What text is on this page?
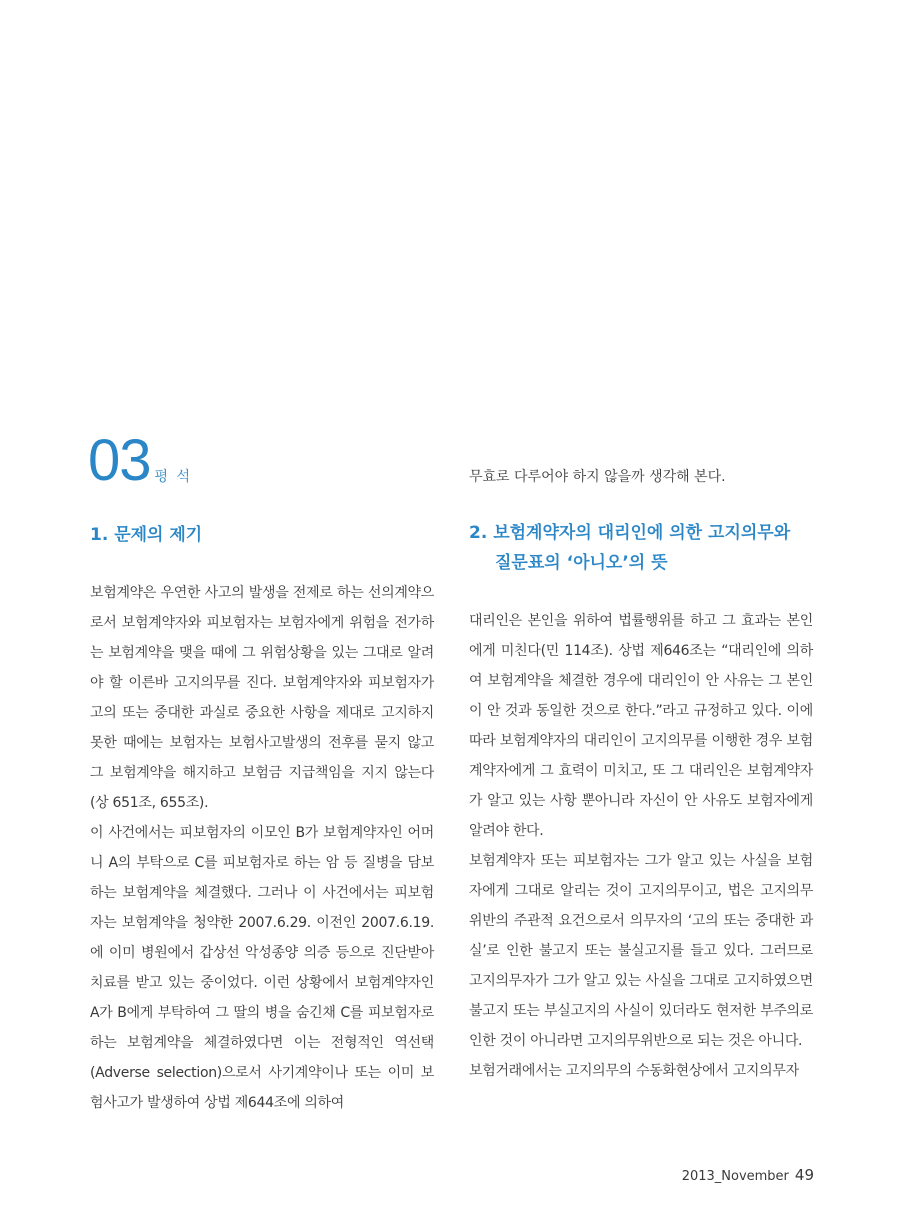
03 평 석
1. 문제의 제기

보험계약은 우연한 사고의 발생을 전제로 하는 선의계약으로서 보험계약자와 피보험자는 보험자에게 위험을 전가하는 보험계약을 맺을 때에 그 위험상황을 있는 그대로 알려야 할 이른바 고지의무를 진다. 보험계약자와 피보험자가 고의 또는 중대한 과실로 중요한 사항을 제대로 고지하지 못한 때에는 보험자는 보험사고발생의 전후를 묻지 않고 그 보험계약을 해지하고 보험금 지급책임을 지지 않는다(상 651조, 655조).

이 사건에서는 피보험자의 이모인 B가 보험계약자인 어머니 A의 부탁으로 C를 피보험자로 하는 암 등 질병을 담보하는 보험계약을 체결했다. 그러나 이 사건에서는 피보험자는 보험계약을 청약한 2007.6.29. 이전인 2007.6.19.에 이미 병원에서 갑상선 악성종양 의증 등으로 진단받아 치료를 받고 있는 중이었다. 이런 상황에서 보험계약자인 A가 B에게 부탁하여 그 딸의 병을 숨긴채 C를 피보험자로 하는 보험계약을 체결하였다면 이는 전형적인 역선택(Adverse selection)으로서 사기계약이나 또는 이미 보험사고가 발생하여 상법 제644조에 의하여

무효로 다루어야 하지 않을까 생각해 본다.

2. 보험계약자의 대리인에 의한 고지의무와
질문표의 ‘아니오’의 뜻

대리인은 본인을 위하여 법률행위를 하고 그 효과는 본인에게 미친다(민 114조). 상법 제646조는 “대리인에 의하여 보험계약을 체결한 경우에 대리인이 안 사유는 그 본인이 안 것과 동일한 것으로 한다.”라고 규정하고 있다. 이에 따라 보험계약자의 대리인이 고지의무를 이행한 경우 보험계약자에게 그 효력이 미치고, 또 그 대리인은 보험계약자가 알고 있는 사항 뿐아니라 자신이 안 사유도 보험자에게 알려야 한다.

보험계약자 또는 피보험자는 그가 알고 있는 사실을 보험자에게 그대로 알리는 것이 고지의무이고, 법은 고지의무위반의 주관적 요건으로서 의무자의 ‘고의 또는 중대한 과실’로 인한 불고지 또는 불실고지를 들고 있다. 그러므로 고지의무자가 그가 알고 있는 사실을 그대로 고지하였으면 불고지 또는 부실고지의 사실이 있더라도 현저한 부주의로 인한 것이 아니라면 고지의무위반으로 되는 것은 아니다.

보험거래에서는 고지의무의 수동화현상에서 고지의무자

2013_November 49
